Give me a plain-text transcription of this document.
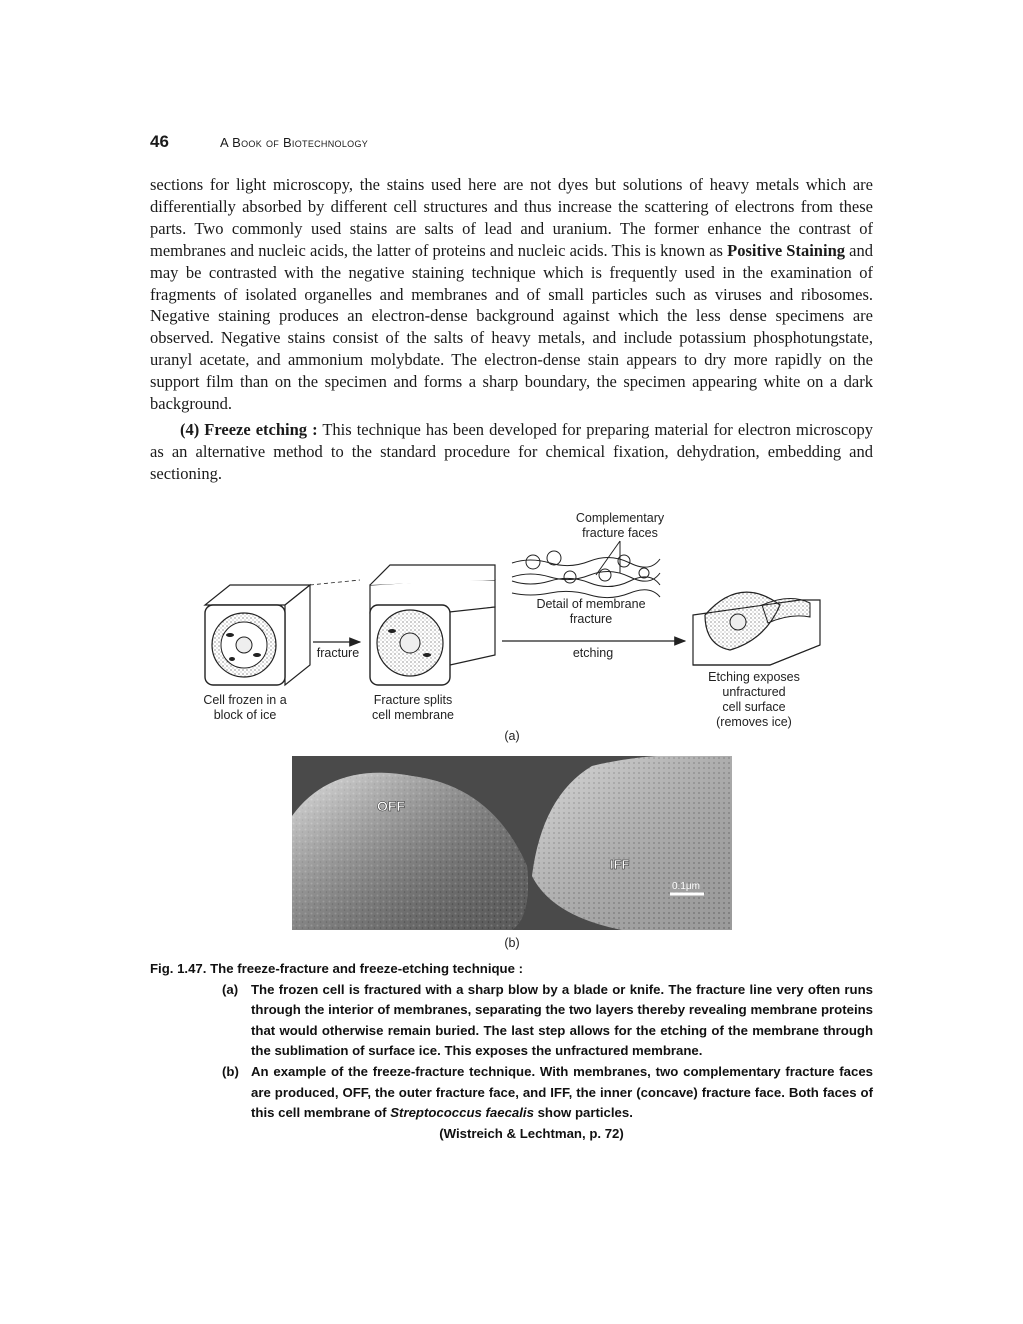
46	A Book of Biotechnology

sections for light microscopy, the stains used here are not dyes but solutions of heavy metals which are differentially absorbed by different cell structures and thus increase the scattering of electrons from these parts. Two commonly used stains are salts of lead and uranium. The former enhance the contrast of membranes and nucleic acids, the latter of proteins and nucleic acids. This is known as Positive Staining and may be contrasted with the negative staining technique which is frequently used in the examination of fragments of isolated organelles and membranes and of small particles such as viruses and ribosomes. Negative staining produces an electron-dense background against which the less dense specimens are observed. Negative stains consist of the salts of heavy metals, and include potassium phosphotungstate, uranyl acetate, and ammonium molybdate. The electron-dense stain appears to dry more rapidly on the support film than on the specimen and forms a sharp boundary, the specimen appearing white on a dark background.

(4) Freeze etching : This technique has been developed for preparing material for electron microscopy as an alternative method to the standard procedure for chemical fixation, dehydration, embedding and sectioning.

Complementary
fracture faces
Detail of membrane
fracture
fracture	etching
Cell frozen in a
block of ice
Fracture splits
cell membrane
Etching exposes
unfractured
cell surface
(removes ice)
(a)
(b)
OFF
IFF
0.1μm

Fig. 1.47. The freeze-fracture and freeze-etching technique :

(a) The frozen cell is fractured with a sharp blow by a blade or knife. The fracture line very often runs through the interior of membranes, separating the two layers thereby revealing membrane proteins that would otherwise remain buried. The last step allows for the etching of the membrane through the sublimation of surface ice. This exposes the unfractured membrane.

(b) An example of the freeze-fracture technique. With membranes, two complementary fracture faces are produced, OFF, the outer fracture face, and IFF, the inner (concave) fracture face. Both faces of this cell membrane of Streptococcus faecalis show particles.

(Wistreich & Lechtman, p. 72)
